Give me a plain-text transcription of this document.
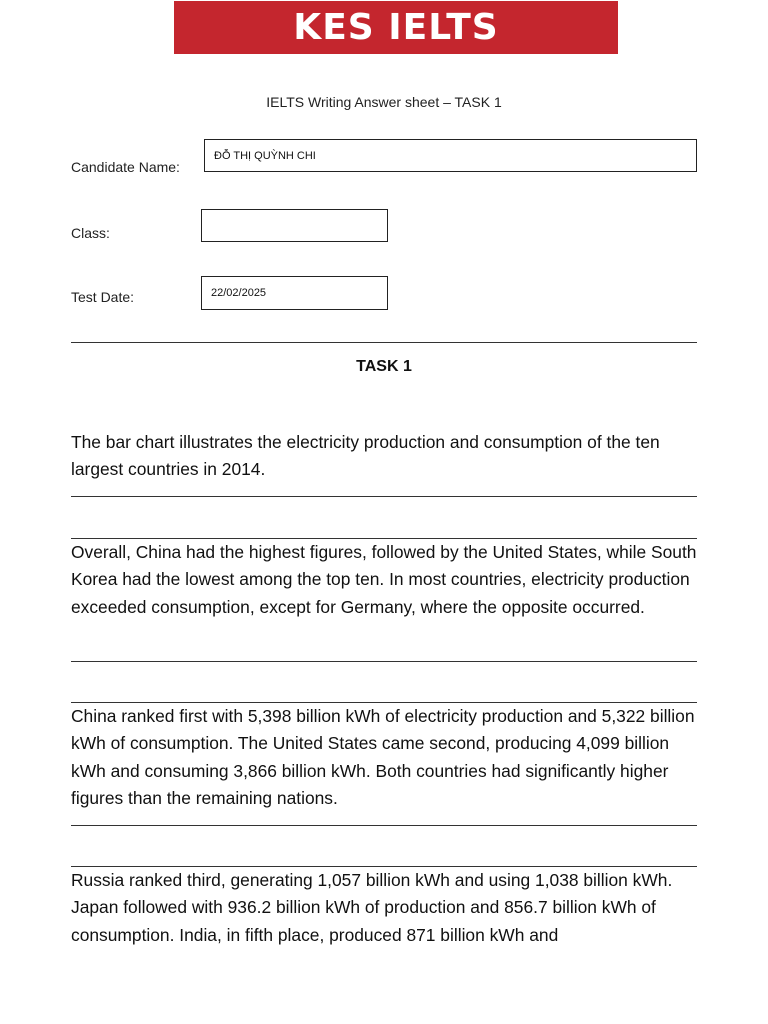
KES IELTS
IELTS Writing Answer sheet – TASK 1
Candidate Name:
ĐỖ THỊ QUỲNH CHI
Class:
Test Date:	22/02/2025
TASK 1

The bar chart illustrates the electricity production and consumption of the ten largest countries in 2014.

Overall, China had the highest figures, followed by the United States, while South Korea had the lowest among the top ten. In most countries, electricity production exceeded consumption, except for Germany, where the opposite occurred.

China ranked first with 5,398 billion kWh of electricity production and 5,322 billion kWh of consumption. The United States came second, producing 4,099 billion kWh and consuming 3,866 billion kWh. Both countries had significantly higher figures than the remaining nations.

Russia ranked third, generating 1,057 billion kWh and using 1,038 billion kWh. Japan followed with 936.2 billion kWh of production and 856.7 billion kWh of consumption. India, in fifth place, produced 871 billion kWh and
